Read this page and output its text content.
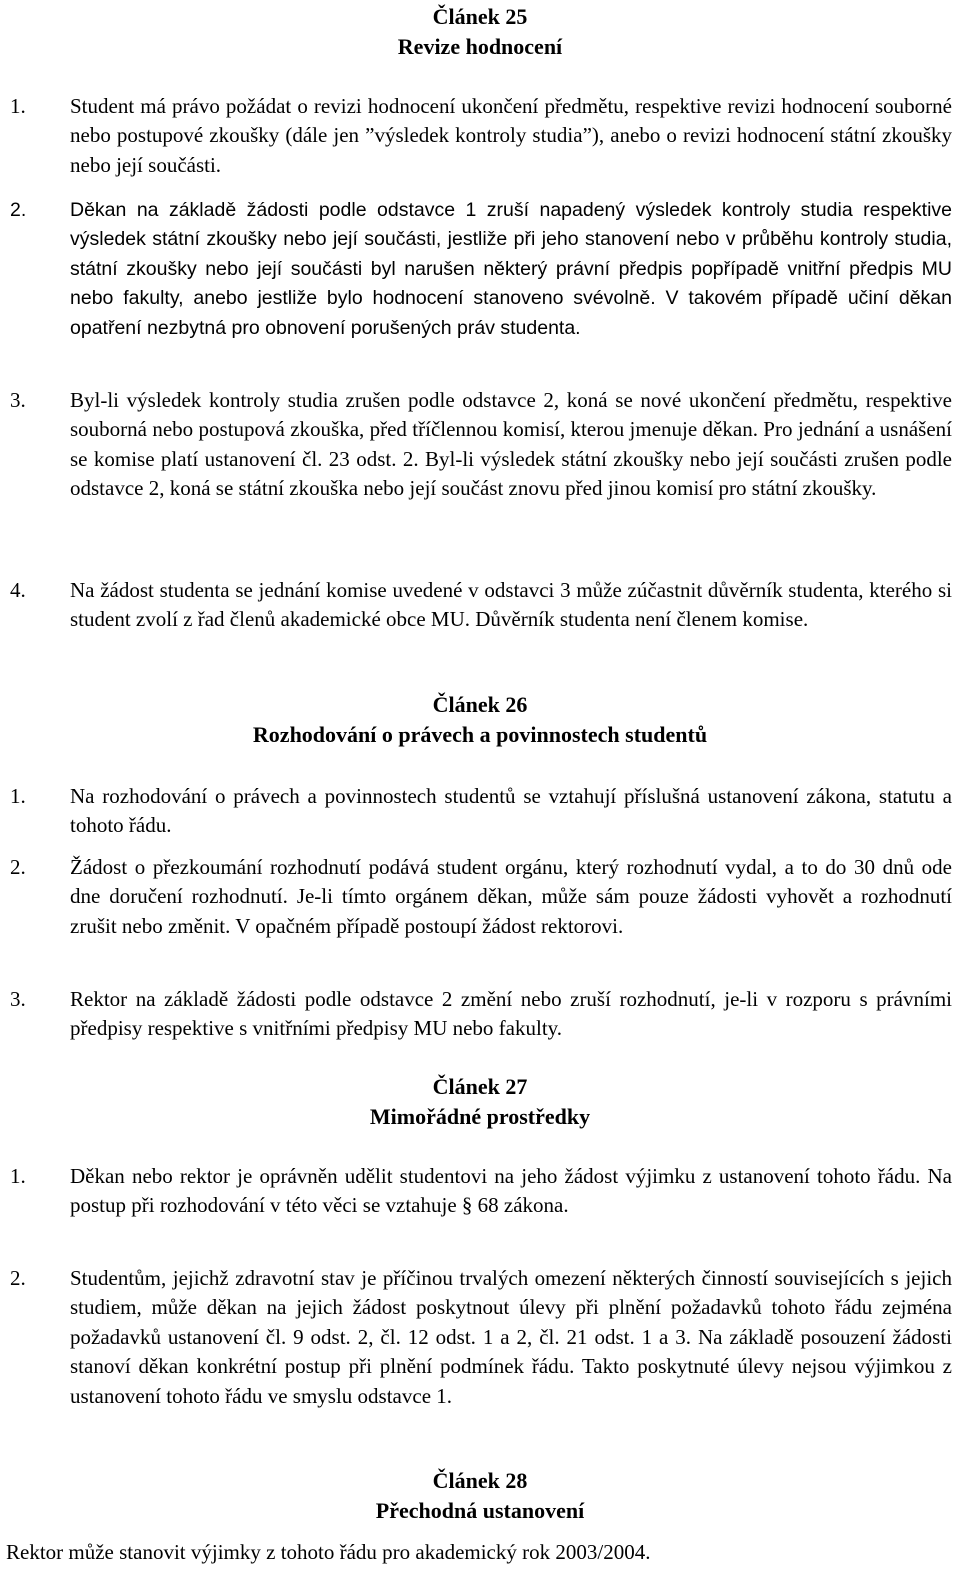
Článek 25
Revize hodnocení
1.	Student má právo požádat o revizi hodnocení ukončení předmětu, respektive revizi hodnocení souborné nebo postupové zkoušky (dále jen ”výsledek kontroly studia”), anebo o revizi hodnocení státní zkoušky nebo její součásti.
2.	Děkan na základě žádosti podle odstavce 1 zruší napadený výsledek kontroly studia respektive výsledek státní zkoušky nebo její součásti, jestliže při jeho stanovení nebo v průběhu kontroly studia, státní zkoušky nebo její součásti byl narušen některý právní předpis popřípadě vnitřní předpis MU nebo fakulty, anebo jestliže bylo hodnocení stanoveno svévolně. V takovém případě učiní děkan opatření nezbytná pro obnovení porušených práv studenta.
3.	Byl-li výsledek kontroly studia zrušen podle odstavce 2, koná se nové ukončení předmětu, respektive souborná nebo postupová zkouška, před tříčlennou komisí, kterou jmenuje děkan. Pro jednání a usnášení se komise platí ustanovení čl. 23 odst. 2. Byl-li výsledek státní zkoušky nebo její součásti zrušen podle odstavce 2, koná se státní zkouška nebo její součást znovu před jinou komisí pro státní zkoušky.
4.	Na žádost studenta se jednání komise uvedené v odstavci 3 může zúčastnit důvěrník studenta, kterého si student zvolí z řad členů akademické obce MU. Důvěrník studenta není členem komise.
Článek 26
Rozhodování o právech a povinnostech studentů
1.	Na rozhodování o právech a povinnostech studentů se vztahují příslušná ustanovení zákona, statutu a tohoto řádu.
2.	Žádost o přezkoumání rozhodnutí podává student orgánu, který rozhodnutí vydal, a to do 30 dnů ode dne doručení rozhodnutí. Je-li tímto orgánem děkan, může sám pouze žádosti vyhovět a rozhodnutí zrušit nebo změnit. V opačném případě postoupí žádost rektorovi.
3.	Rektor na základě žádosti podle odstavce 2 změní nebo zruší rozhodnutí, je-li v rozporu s právními předpisy respektive s vnitřními předpisy MU nebo fakulty.
Článek 27
Mimořádné prostředky
1.	Děkan nebo rektor je oprávněn udělit studentovi na jeho žádost výjimku z ustanovení tohoto řádu. Na postup při rozhodování v této věci se vztahuje § 68 zákona.
2.	Studentům, jejichž zdravotní stav je příčinou trvalých omezení některých činností souvisejících s jejich studiem, může děkan na jejich žádost poskytnout úlevy při plnění požadavků tohoto řádu zejména požadavků ustanovení čl. 9 odst. 2, čl. 12 odst. 1 a 2, čl. 21 odst. 1 a 3. Na základě posouzení žádosti stanoví děkan konkrétní postup při plnění podmínek řádu. Takto poskytnuté úlevy nejsou výjimkou z ustanovení tohoto řádu ve smyslu odstavce 1.
Článek 28
Přechodná ustanovení

Rektor může stanovit výjimky z tohoto řádu pro akademický rok 2003/2004.
